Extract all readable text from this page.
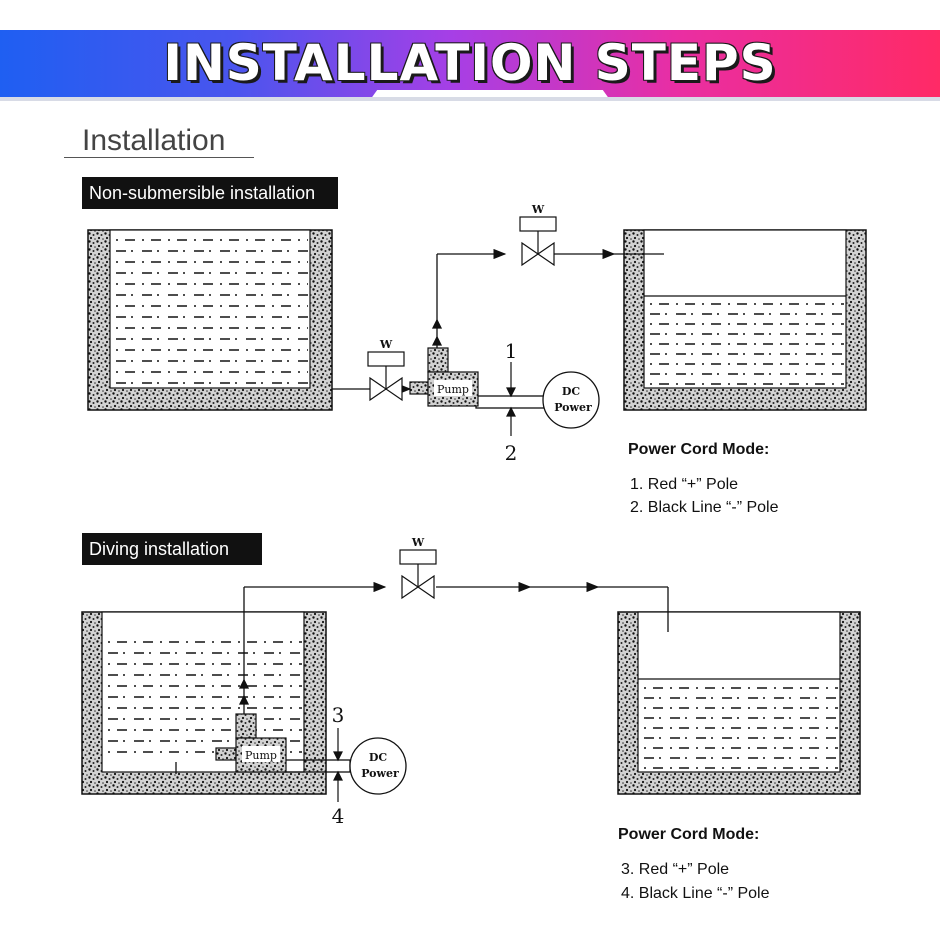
INSTALLATION STEPS
Installation
Non-submersible installation
Diving installation
W
W
Pump	DC
Power
1
2
W
Pump	DC
Power
3
4
Power Cord Mode:
1. Red “+” Pole
2. Black Line “-” Pole
Power Cord Mode:
3. Red “+” Pole
4. Black Line “-” Pole
